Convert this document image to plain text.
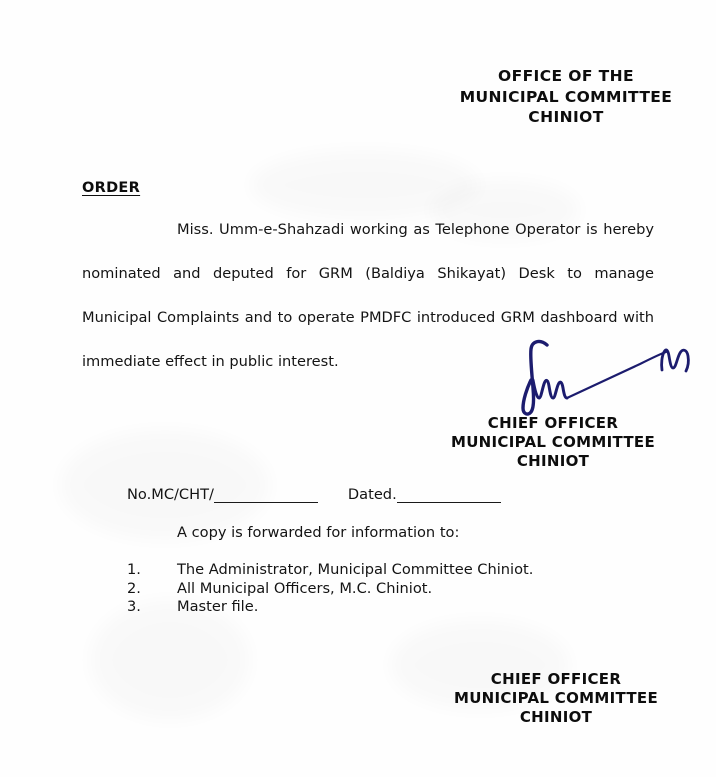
OFFICE OF THE
MUNICIPAL COMMITTEE
CHINIOT
ORDER
Miss. Umm-e-Shahzadi working as Telephone Operator is hereby nominated and deputed for GRM (Baldiya Shikayat) Desk to manage Municipal Complaints and to operate PMDFC introduced GRM dashboard with immediate effect in public interest.
CHIEF OFFICER
MUNICIPAL COMMITTEE
CHINIOT
No.MC/CHT/	Dated.
A copy is forwarded for information to:
1.	The Administrator, Municipal Committee Chiniot.
2.	All Municipal Officers, M.C. Chiniot.
3.	Master file.
CHIEF OFFICER
MUNICIPAL COMMITTEE
CHINIOT
